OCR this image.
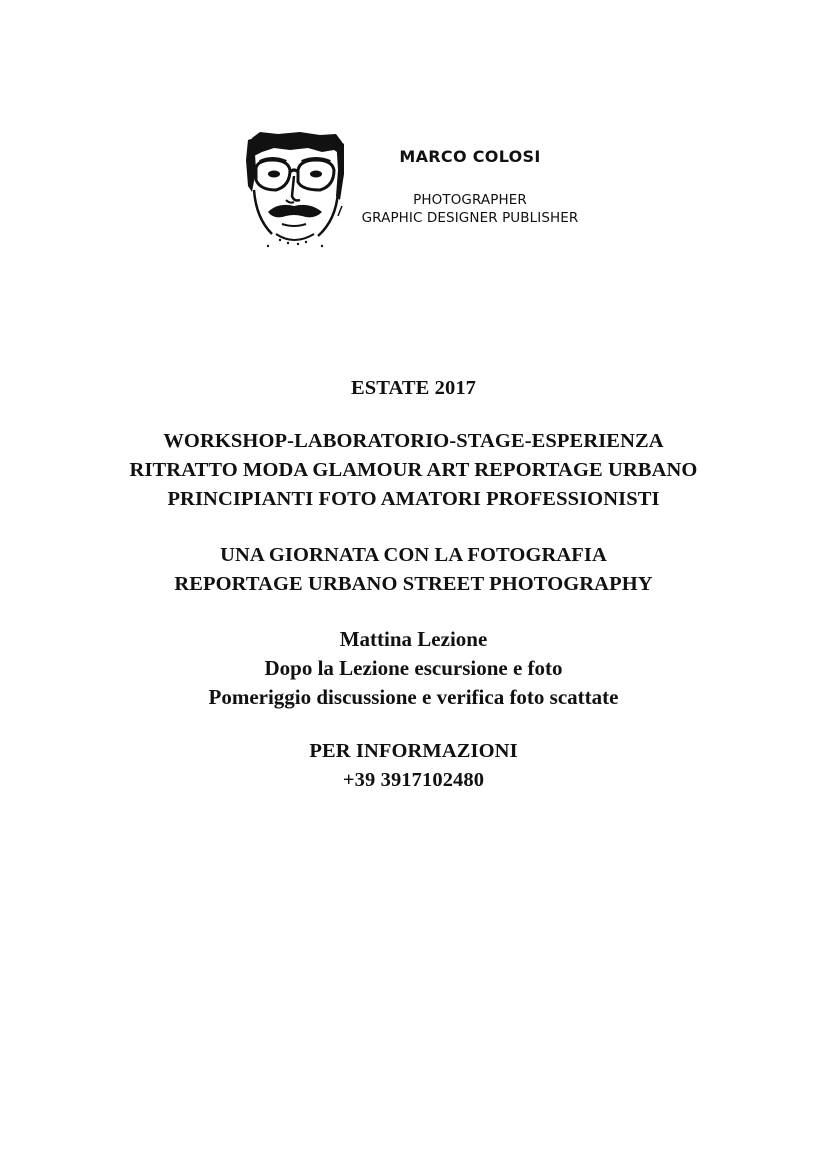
MARCO COLOSI
PHOTOGRAPHER
GRAPHIC DESIGNER PUBLISHER
ESTATE 2017
WORKSHOP-LABORATORIO-STAGE-ESPERIENZA
RITRATTO MODA GLAMOUR ART REPORTAGE URBANO
PRINCIPIANTI FOTO AMATORI PROFESSIONISTI
UNA GIORNATA CON LA FOTOGRAFIA
REPORTAGE URBANO STREET PHOTOGRAPHY
Mattina Lezione
Dopo la Lezione escursione e foto
Pomeriggio discussione e verifica foto scattate
PER INFORMAZIONI
+39 3917102480
